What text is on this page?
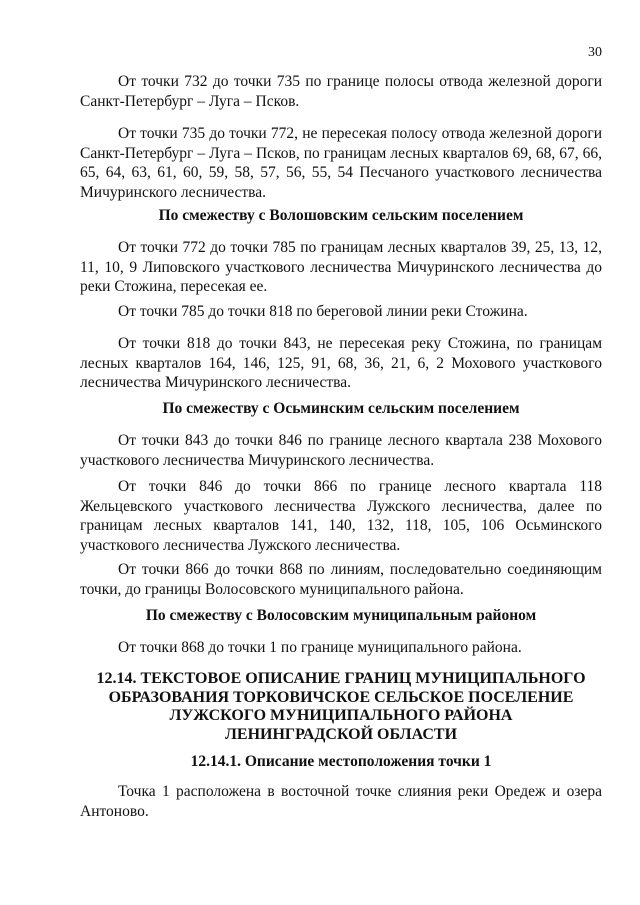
30

От точки 732 до точки 735 по границе полосы отвода железной дороги Санкт-Петербург – Луга – Псков.

От точки 735 до точки 772, не пересекая полосу отвода железной дороги Санкт-Петербург – Луга – Псков, по границам лесных кварталов 69, 68, 67, 66, 65, 64, 63, 61, 60, 59, 58, 57, 56, 55, 54 Песчаного участкового лесничества Мичуринского лесничества.

По смежеству с Волошовским сельским поселением

От точки 772 до точки 785 по границам лесных кварталов 39, 25, 13, 12, 11, 10, 9 Липовского участкового лесничества Мичуринского лесничества до реки Стожина, пересекая ее.

От точки 785 до точки 818 по береговой линии реки Стожина.

От точки 818 до точки 843, не пересекая реку Стожина, по границам лесных кварталов 164, 146, 125, 91, 68, 36, 21, 6, 2 Мохового участкового лесничества Мичуринского лесничества.

По смежеству с Осьминским сельским поселением

От точки 843 до точки 846 по границе лесного квартала 238 Мохового участкового лесничества Мичуринского лесничества.

От точки 846 до точки 866 по границе лесного квартала 118 Жельцевского участкового лесничества Лужского лесничества, далее по границам лесных кварталов 141, 140, 132, 118, 105, 106 Осьминского участкового лесничества Лужского лесничества.

От точки 866 до точки 868 по линиям, последовательно соединяющим точки, до границы Волосовского муниципального района.

По смежеству с Волосовским муниципальным районом

От точки 868 до точки 1 по границе муниципального района.

12.14. ТЕКСТОВОЕ ОПИСАНИЕ ГРАНИЦ МУНИЦИПАЛЬНОГО
ОБРАЗОВАНИЯ ТОРКОВИЧСКОЕ СЕЛЬСКОЕ ПОСЕЛЕНИЕ
ЛУЖСКОГО МУНИЦИПАЛЬНОГО РАЙОНА
ЛЕНИНГРАДСКОЙ ОБЛАСТИ

12.14.1. Описание местоположения точки 1

Точка 1 расположена в восточной точке слияния реки Оредеж и озера Антоново.
